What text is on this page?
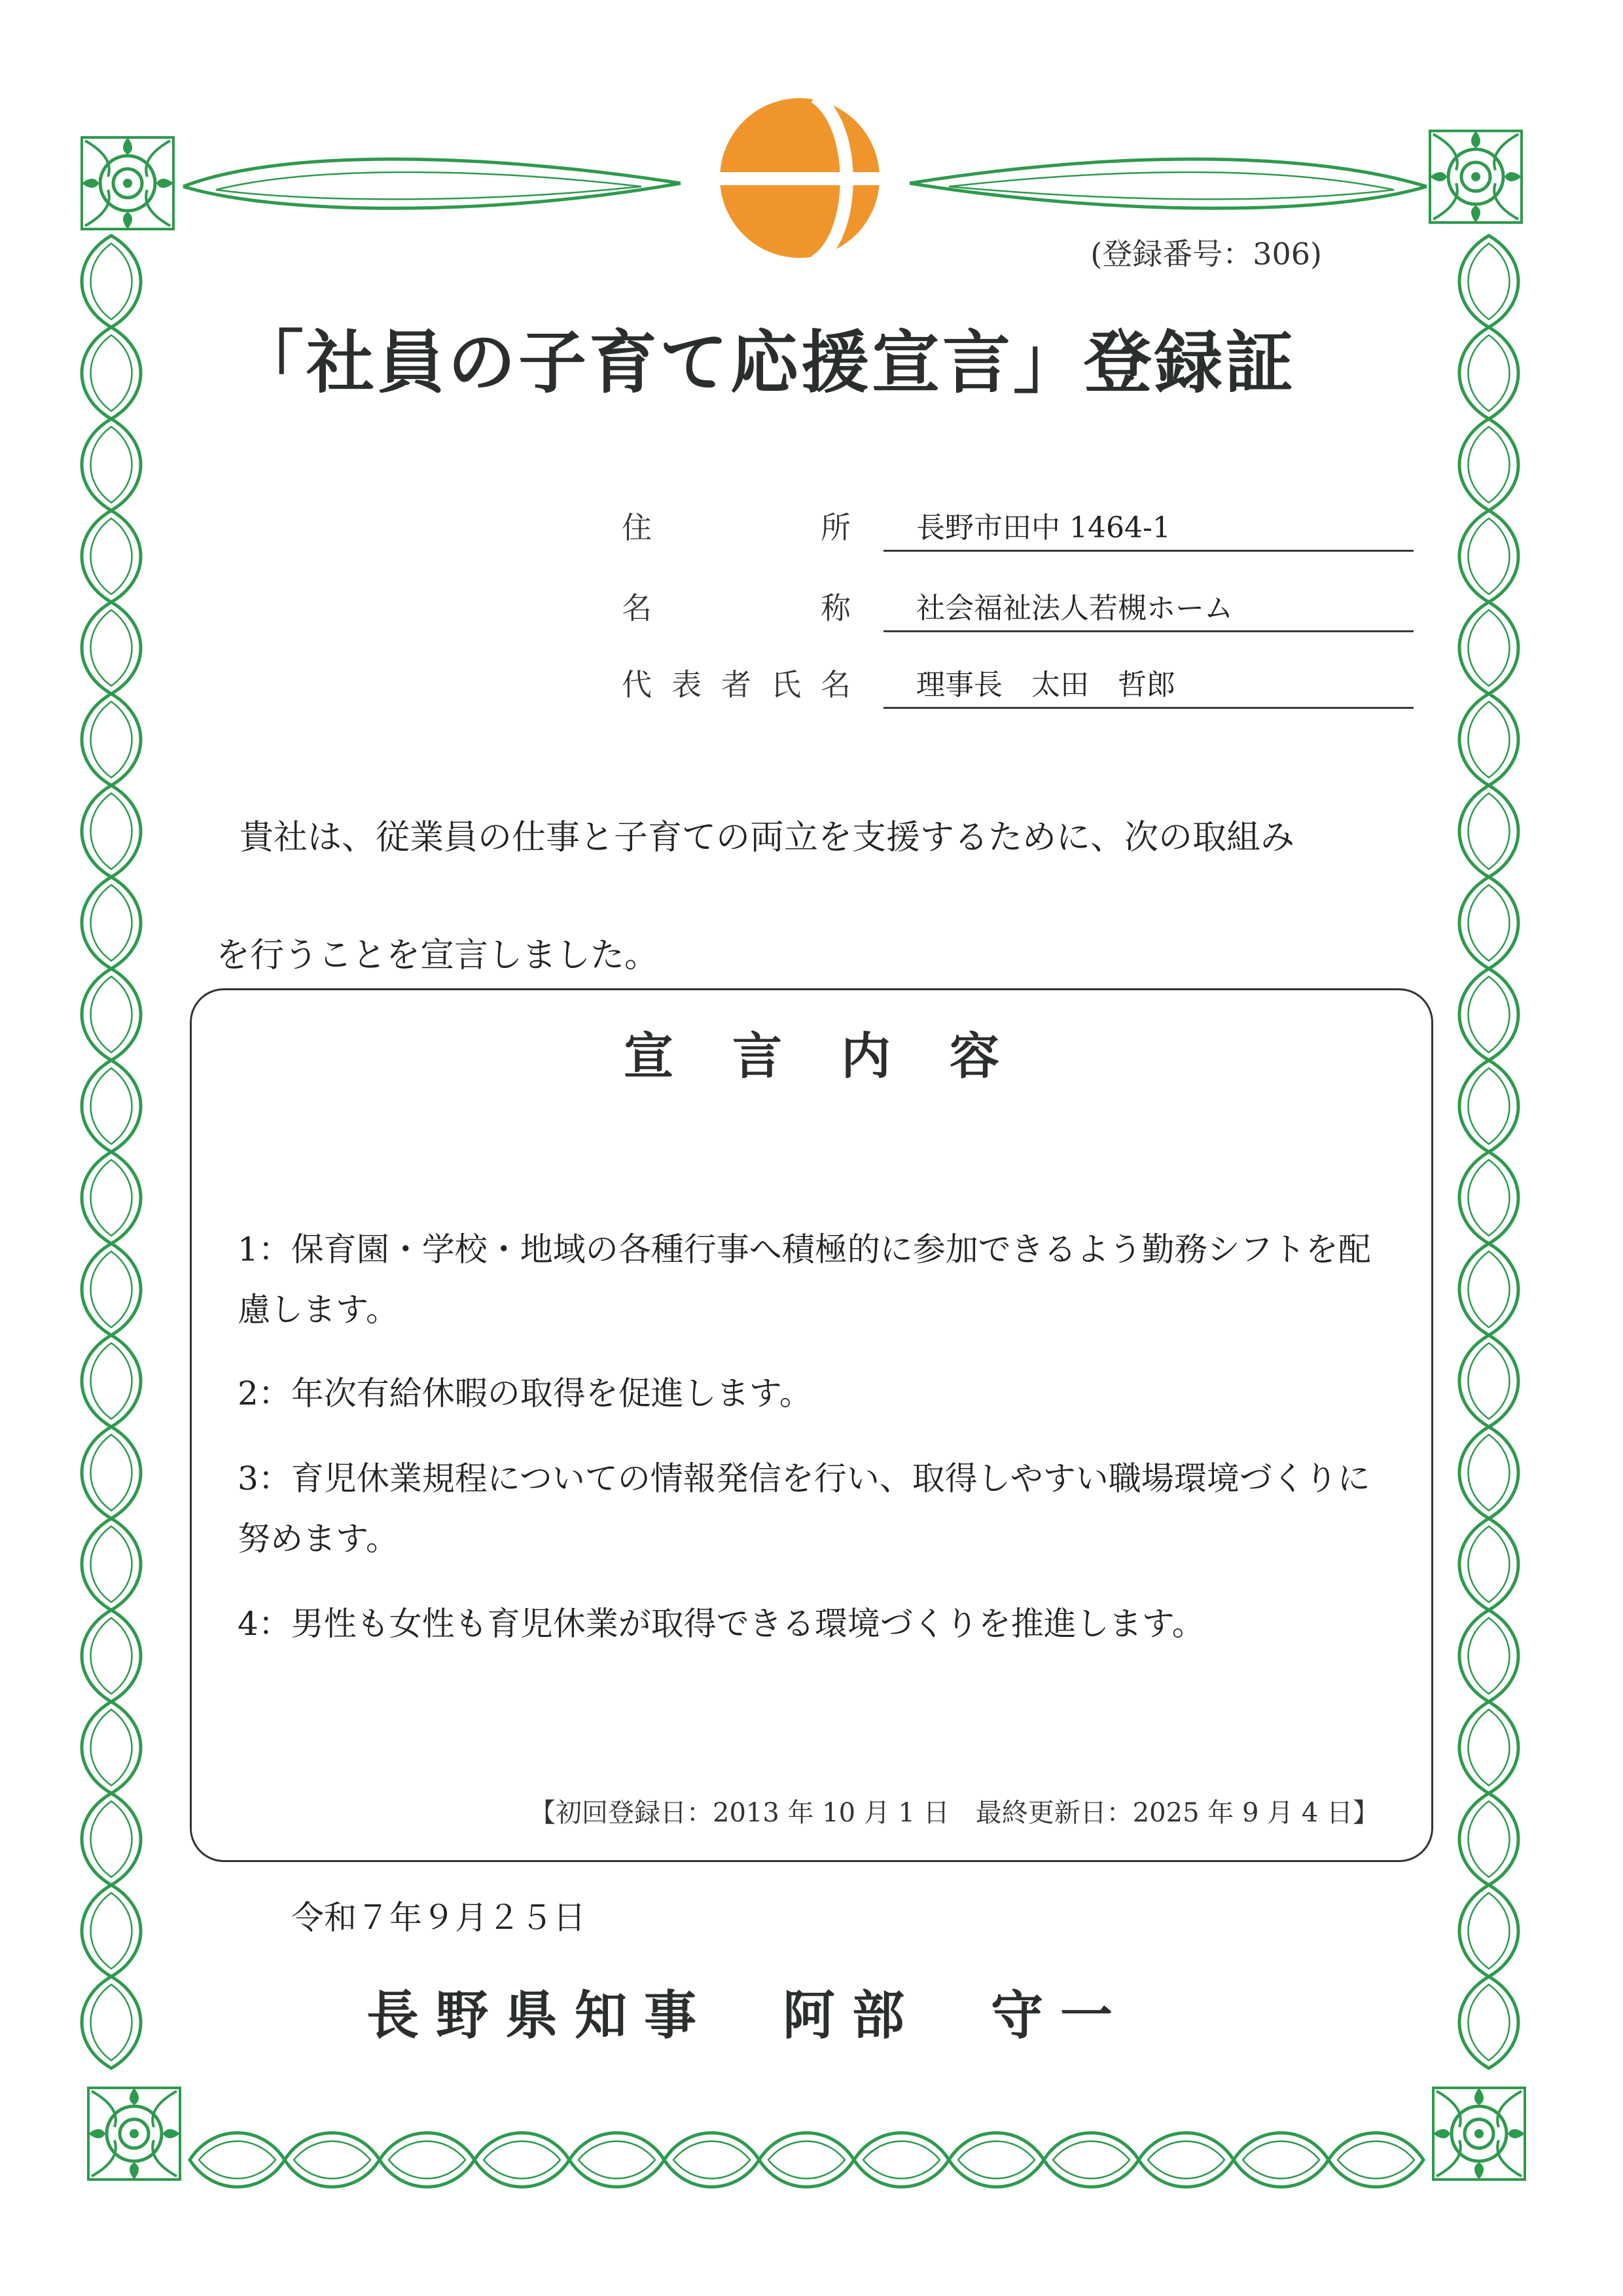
(登録番号：306)
「社員の子育て応援宣言」登録証
住所	長野市田中 1464-1
名称	社会福祉法人若槻ホーム
代表者氏名	理事長　太田　哲郎
貴社は、従業員の仕事と子育ての両立を支援するために、次の取組み
を行うことを宣言しました。
宣言内容
1：保育園・学校・地域の各種行事へ積極的に参加できるよう勤務シフトを配慮します。
2：年次有給休暇の取得を促進します。
3：育児休業規程についての情報発信を行い、取得しやすい職場環境づくりに努めます。
4：男性も女性も育児休業が取得できる環境づくりを推進します。
【初回登録日：2013 年 10 月 1 日　最終更新日：2025 年 9 月 4 日】
令和７年９月２５日
長野県知事　阿部　守一
